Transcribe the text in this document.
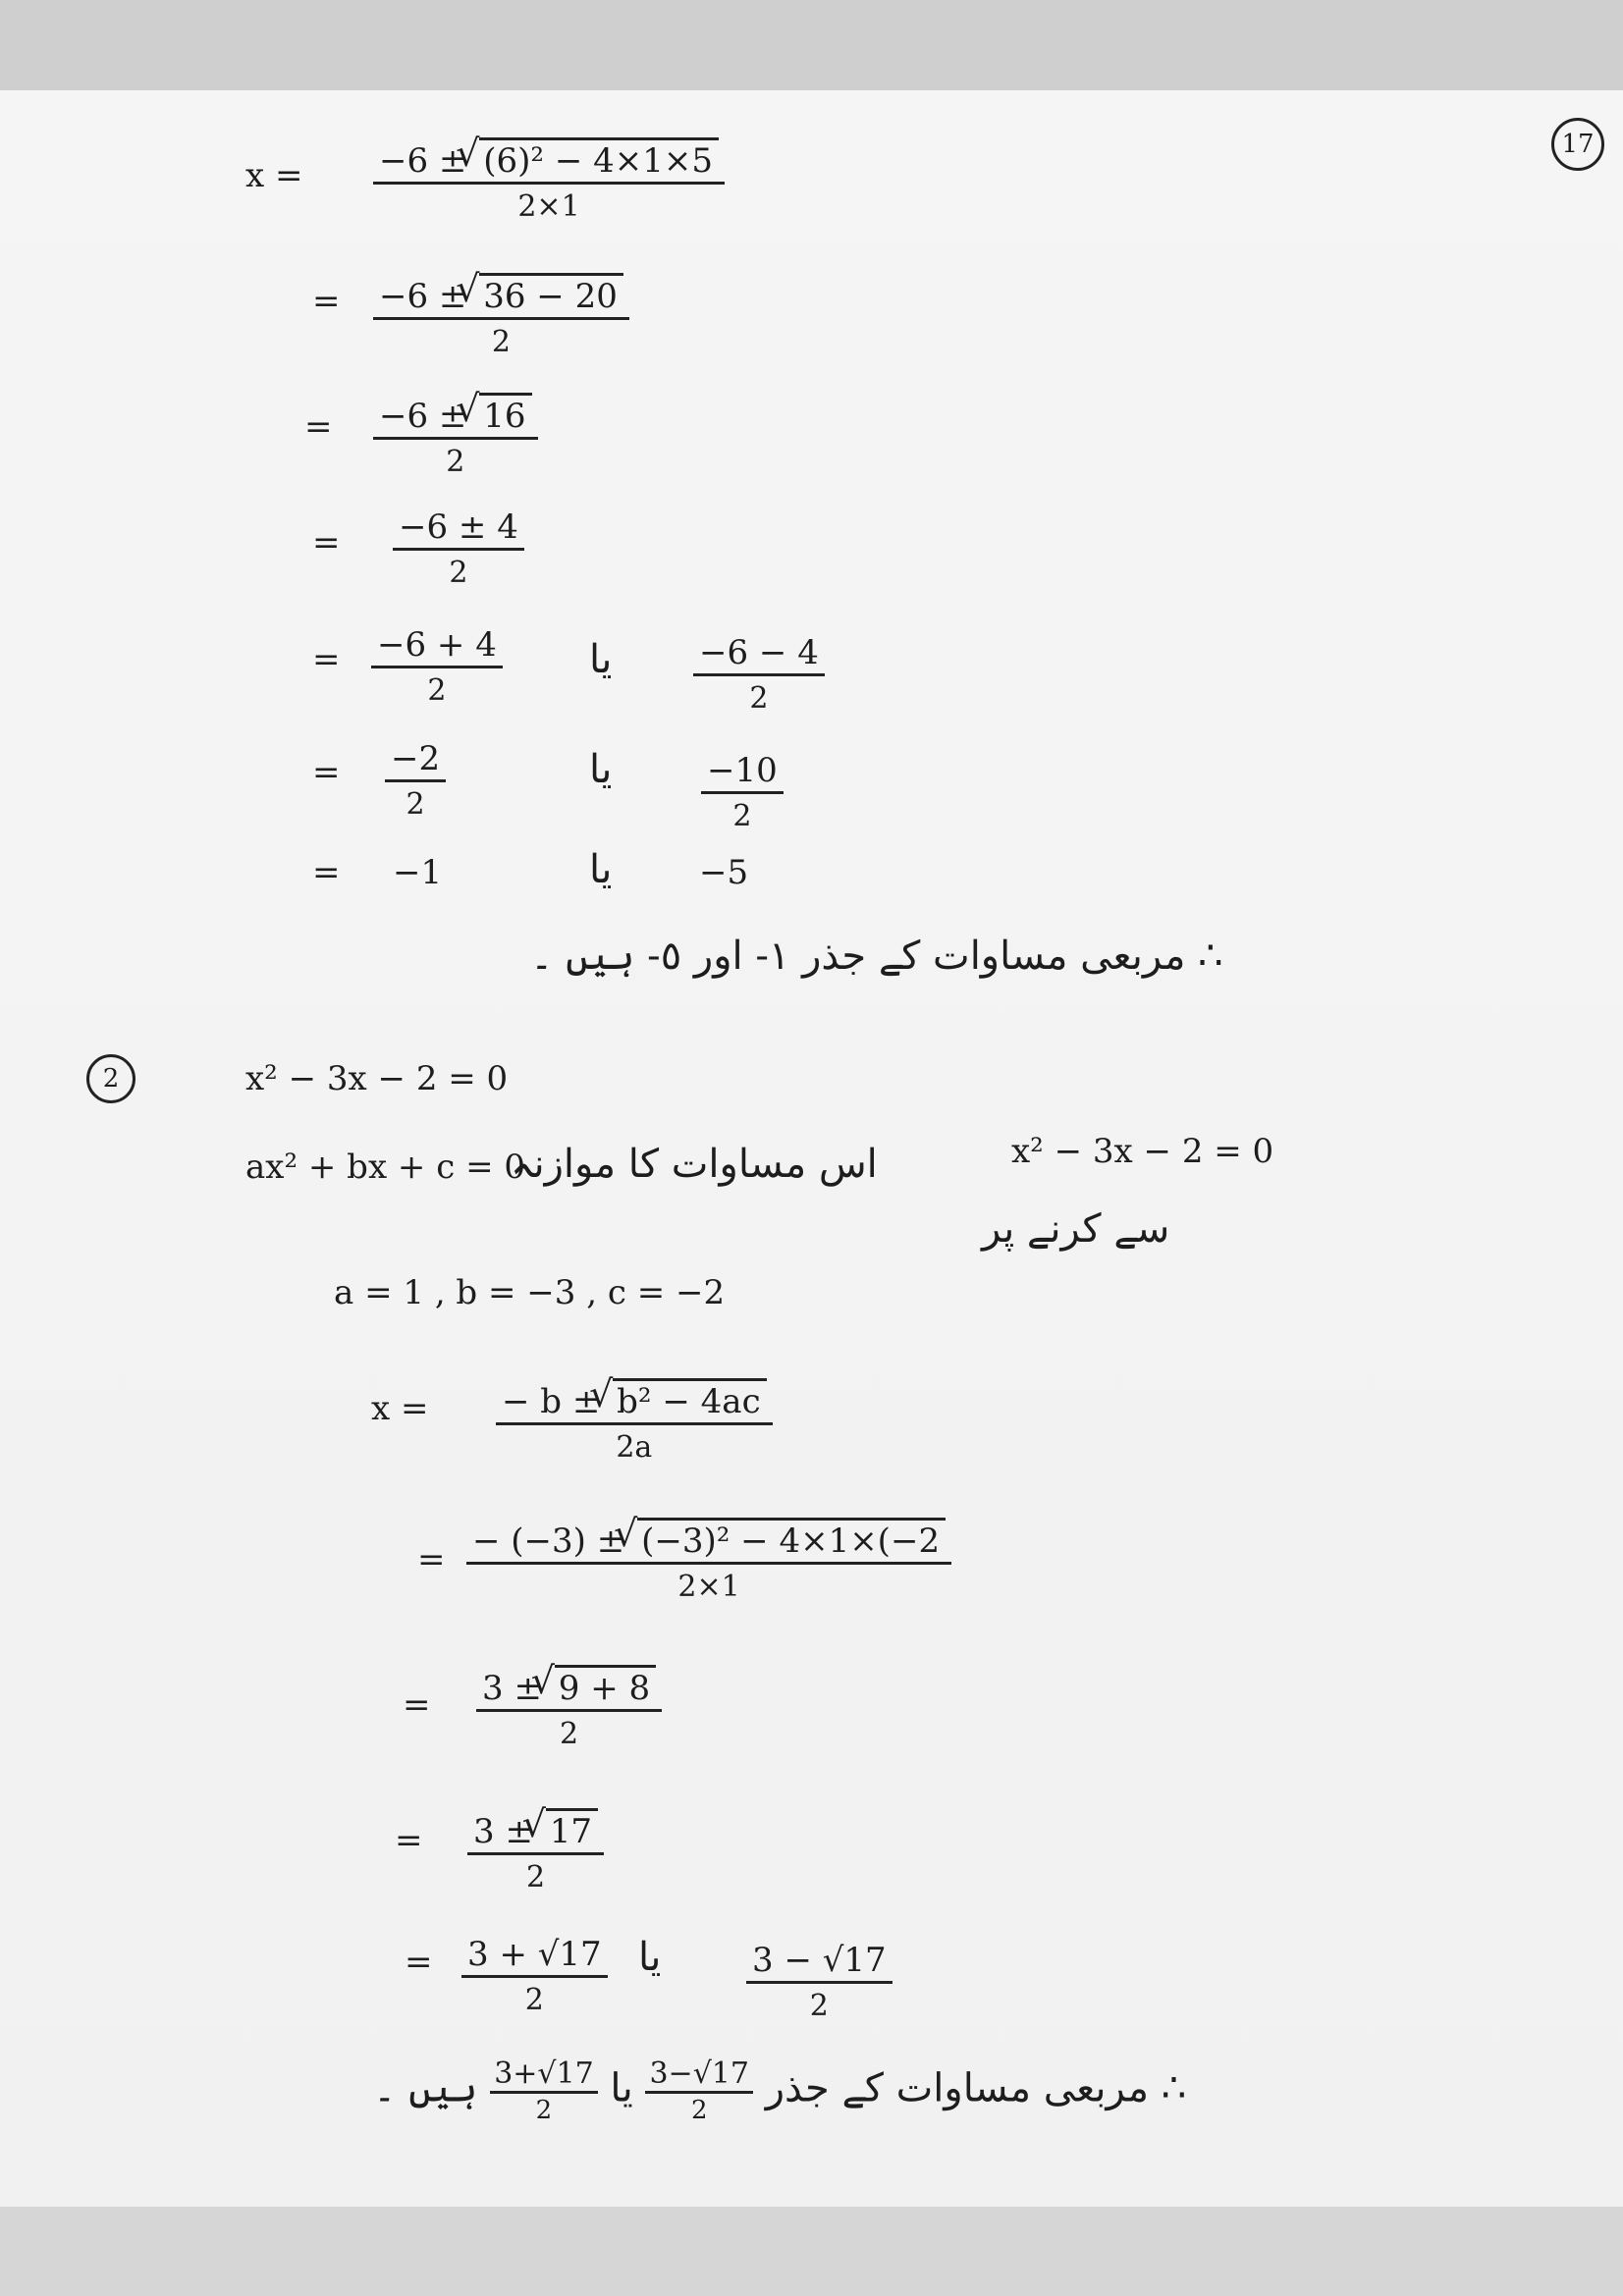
17
x = −6 ± √ (6)² − 4×1×5
2×1
= −6 ± √ 36 − 20
2
= −6 ± √ 16
2
= −6 ± 4
2
= −6 + 4
2
یا	−6 − 4
2
= −2
2
یا	−10
2
= −1	یا	−5
∴ مربعی مساوات کے جذر ١- اور ٥- ہیں ۔
2	x² − 3x − 2 = 0
ax² + bx + c = 0
اس مساوات کا موازنہ	x² − 3x − 2 = 0
سے کرنے پر
a = 1 , b = −3 , c = −2
x = − b ± √ b² − 4ac
2a
= − (−3) ± √ (−3)² − 4×1×(−2
2×1
= 3 ± √ 9 + 8
2
= 3 ± √ 17
2
= 3 + √17
2
یا	3 − √17
2
∴ مربعی مساوات کے جذر
$\frac{3-√17}{2}$
یا
$\frac{3+√17}{2}$
ہیں ۔
